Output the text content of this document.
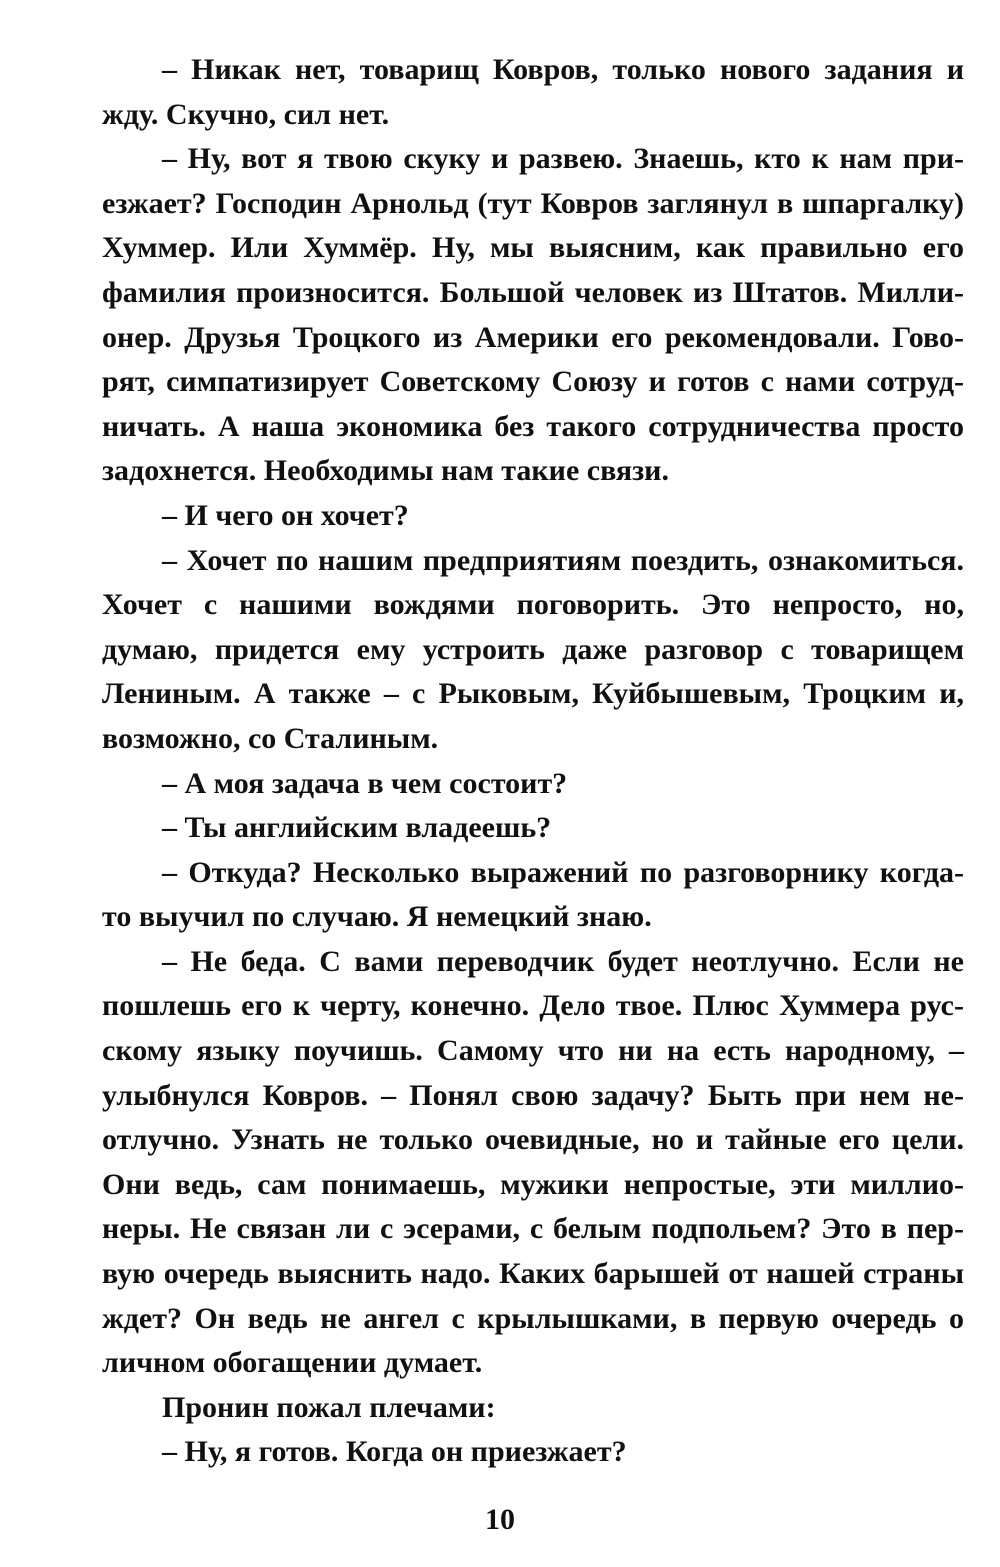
– Никак нет, товарищ Ковров, только нового задания и жду. Скучно, сил нет.

– Ну, вот я твою скуку и развею. Знаешь, кто к нам приезжает? Господин Арнольд (тут Ковров заглянул в шпаргалку) Хуммер. Или Хуммёр. Ну, мы выясним, как правильно его фамилия произносится. Большой человек из Штатов. Миллионер. Друзья Троцкого из Америки его рекомендовали. Говорят, симпатизирует Советскому Союзу и готов с нами сотрудничать. А наша экономика без такого сотрудничества просто задохнется. Необходимы нам такие связи.

– И чего он хочет?

– Хочет по нашим предприятиям поездить, ознакомиться. Хочет с нашими вождями поговорить. Это непросто, но, думаю, придется ему устроить даже разговор с товарищем Лениным. А также – с Рыковым, Куйбышевым, Троцким и, возможно, со Сталиным.

– А моя задача в чем состоит?

– Ты английским владеешь?

– Откуда? Несколько выражений по разговорнику когда-то выучил по случаю. Я немецкий знаю.

– Не беда. С вами переводчик будет неотлучно. Если не пошлешь его к черту, конечно. Дело твое. Плюс Хуммера русскому языку поучишь. Самому что ни на есть народному, – улыбнулся Ковров. – Понял свою задачу? Быть при нем неотлучно. Узнать не только очевидные, но и тайные его цели. Они ведь, сам понимаешь, мужики непростые, эти миллионеры. Не связан ли с эсерами, с белым подпольем? Это в первую очередь выяснить надо. Каких барышей от нашей страны ждет? Он ведь не ангел с крылышками, в первую очередь о личном обогащении думает.

Пронин пожал плечами:

– Ну, я готов. Когда он приезжает?

10
